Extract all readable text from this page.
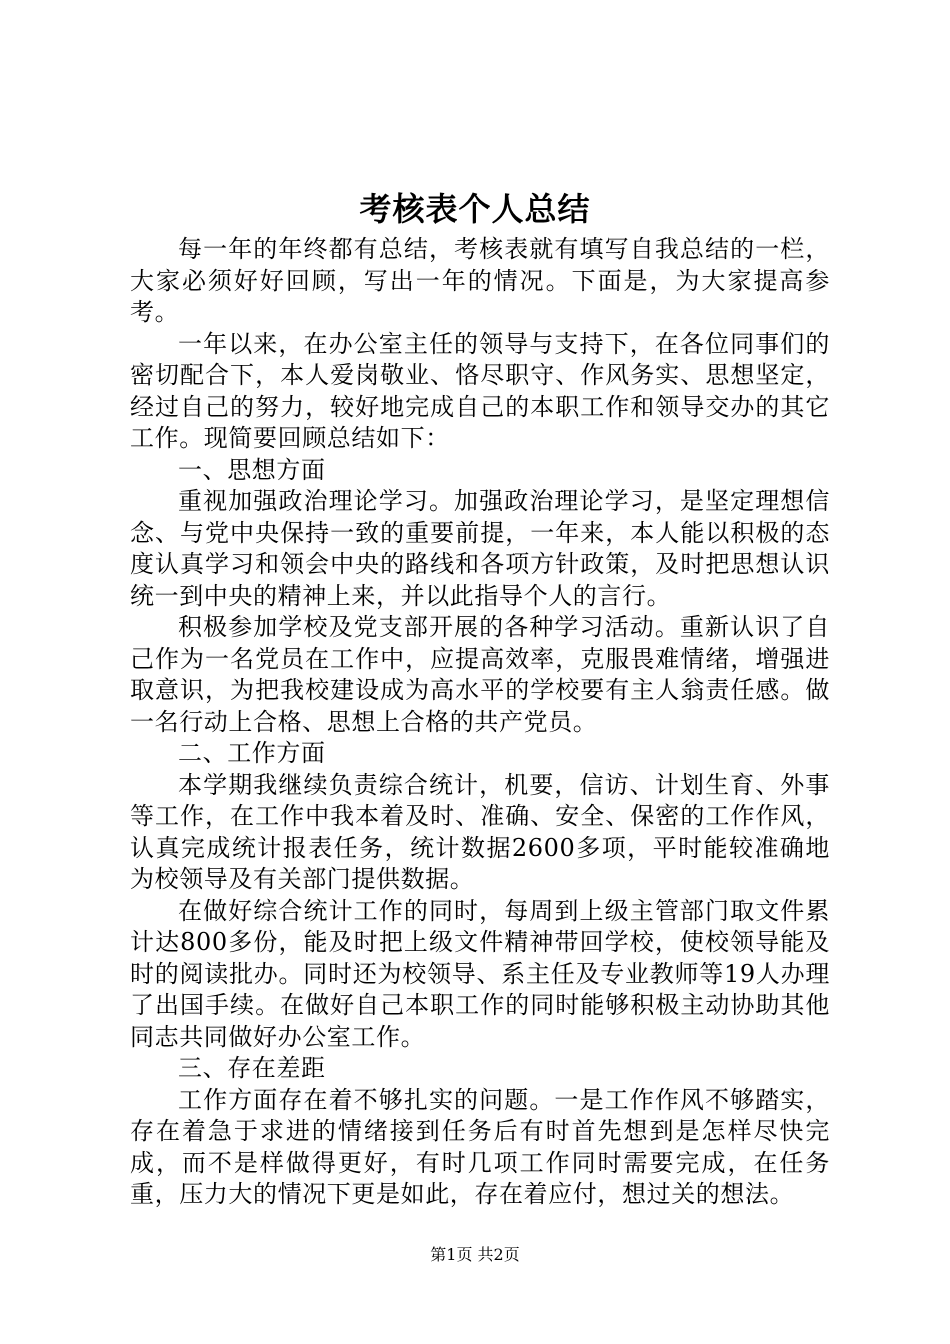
考核表个人总结

每一年的年终都有总结，考核表就有填写自我总结的一栏，大家必须好好回顾，写出一年的情况。下面是，为大家提高参考。

一年以来，在办公室主任的领导与支持下，在各位同事们的密切配合下，本人爱岗敬业、恪尽职守、作风务实、思想坚定，经过自己的努力，较好地完成自己的本职工作和领导交办的其它工作。现简要回顾总结如下：

一、思想方面

重视加强政治理论学习。加强政治理论学习，是坚定理想信念、与党中央保持一致的重要前提，一年来，本人能以积极的态度认真学习和领会中央的路线和各项方针政策，及时把思想认识统一到中央的精神上来，并以此指导个人的言行。

积极参加学校及党支部开展的各种学习活动。重新认识了自己作为一名党员在工作中，应提高效率，克服畏难情绪，增强进取意识，为把我校建设成为高水平的学校要有主人翁责任感。做一名行动上合格、思想上合格的共产党员。

二、工作方面

本学期我继续负责综合统计，机要，信访、计划生育、外事等工作，在工作中我本着及时、准确、安全、保密的工作作风，认真完成统计报表任务，统计数据2600多项，平时能较准确地为校领导及有关部门提供数据。

在做好综合统计工作的同时，每周到上级主管部门取文件累计达800多份，能及时把上级文件精神带回学校，使校领导能及时的阅读批办。同时还为校领导、系主任及专业教师等19人办理了出国手续。在做好自己本职工作的同时能够积极主动协助其他同志共同做好办公室工作。

三、存在差距

工作方面存在着不够扎实的问题。一是工作作风不够踏实，存在着急于求进的情绪接到任务后有时首先想到是怎样尽快完成，而不是样做得更好，有时几项工作同时需要完成，在任务重，压力大的情况下更是如此，存在着应付，想过关的想法。

第1页 共2页
